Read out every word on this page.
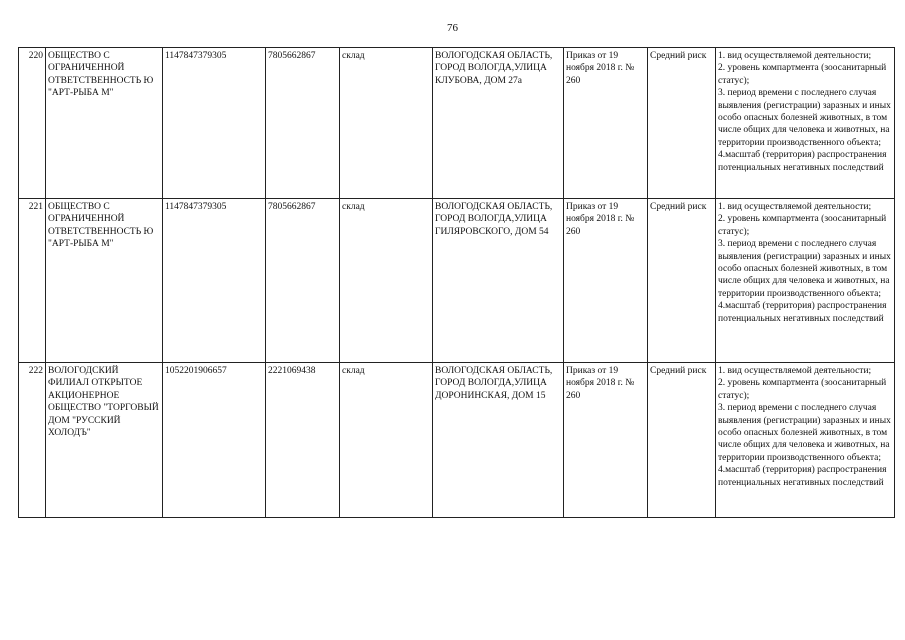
76
220	ОБЩЕСТВО С ОГРАНИЧЕННОЙ ОТВЕТСТВЕННОСТЬ Ю "АРТ-РЫБА М"	1147847379305	7805662867	склад	ВОЛОГОДСКАЯ ОБЛАСТЬ, ГОРОД ВОЛОГДА,УЛИЦА КЛУБОВА, ДОМ 27а	Приказ от 19 ноября 2018 г. № 260	Средний риск	1. вид осуществляемой деятельности;
2. уровень компартмента (зоосанитарный статус);
3. период времени с последнего случая выявления (регистрации) заразных и иных особо опасных болезней животных, в том числе общих для человека и животных, на территории производственного объекта;
4.масштаб (территория) распространения потенциальных негативных последствий

221	ОБЩЕСТВО С ОГРАНИЧЕННОЙ ОТВЕТСТВЕННОСТЬ Ю "АРТ-РЫБА М"	1147847379305	7805662867	склад	ВОЛОГОДСКАЯ ОБЛАСТЬ, ГОРОД ВОЛОГДА,УЛИЦА ГИЛЯРОВСКОГО, ДОМ 54	Приказ от 19 ноября 2018 г. № 260	Средний риск	1. вид осуществляемой деятельности;
2. уровень компартмента (зоосанитарный статус);
3. период времени с последнего случая выявления (регистрации) заразных и иных особо опасных болезней животных, в том числе общих для человека и животных, на территории производственного объекта;
4.масштаб (территория) распространения потенциальных негативных последствий

222	ВОЛОГОДСКИЙ ФИЛИАЛ ОТКРЫТОЕ АКЦИОНЕРНОЕ ОБЩЕСТВО "ТОРГОВЫЙ ДОМ "РУССКИЙ ХОЛОДЪ"	1052201906657	2221069438	склад	ВОЛОГОДСКАЯ ОБЛАСТЬ, ГОРОД ВОЛОГДА,УЛИЦА ДОРОНИНСКАЯ, ДОМ 15	Приказ от 19 ноября 2018 г. № 260	Средний риск	1. вид осуществляемой деятельности;
2. уровень компартмента (зоосанитарный статус);
3. период времени с последнего случая выявления (регистрации) заразных и иных особо опасных болезней животных, в том числе общих для человека и животных, на территории производственного объекта;
4.масштаб (территория) распространения потенциальных негативных последствий
